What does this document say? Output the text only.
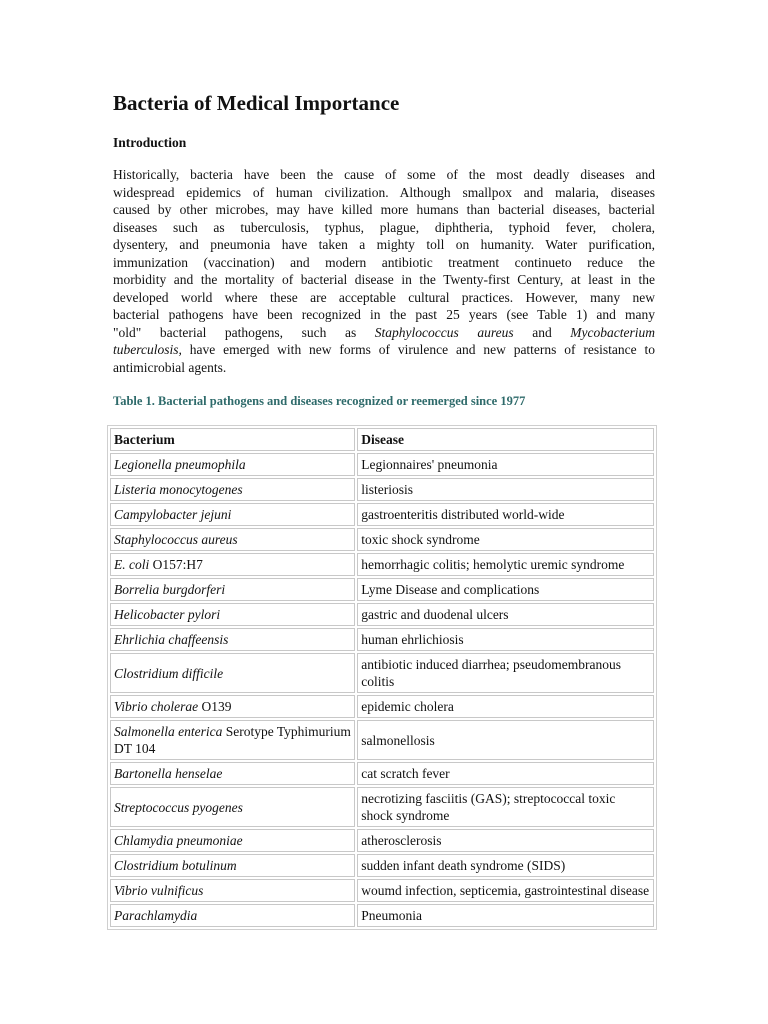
Bacteria of Medical Importance
Introduction
Historically, bacteria have been the cause of some of the most deadly diseases and
widespread epidemics of human civilization. Although smallpox and malaria, diseases
caused by other microbes, may have killed more humans than bacterial diseases, bacterial
diseases such as tuberculosis, typhus, plague, diphtheria, typhoid fever, cholera,
dysentery, and pneumonia have taken a mighty toll on humanity. Water purification,
immunization (vaccination) and modern antibiotic treatment continueto reduce the
morbidity and the mortality of bacterial disease in the Twenty-first Century, at least in the
developed world where these are acceptable cultural practices. However, many new
bacterial pathogens have been recognized in the past 25 years (see Table 1) and many
"old" bacterial pathogens, such as Staphylococcus aureus and Mycobacterium
tuberculosis, have emerged with new forms of virulence and new patterns of resistance to
antimicrobial agents.
Table 1. Bacterial pathogens and diseases recognized or reemerged since 1977
Bacterium	Disease
Legionella pneumophila	Legionnaires' pneumonia
Listeria monocytogenes	listeriosis
Campylobacter jejuni	gastroenteritis distributed world-wide
Staphylococcus aureus	toxic shock syndrome
E. coli O157:H7	hemorrhagic colitis; hemolytic uremic syndrome
Borrelia burgdorferi	Lyme Disease and complications
Helicobacter pylori	gastric and duodenal ulcers
Ehrlichia chaffeensis	human ehrlichiosis
Clostridium difficile	antibiotic induced diarrhea; pseudomembranous colitis
Vibrio cholerae O139	epidemic cholera
Salmonella enterica Serotype Typhimurium DT 104	salmonellosis
Bartonella henselae	cat scratch fever
Streptococcus pyogenes	necrotizing fasciitis (GAS); streptococcal toxic shock syndrome
Chlamydia pneumoniae	atherosclerosis
Clostridium botulinum	sudden infant death syndrome (SIDS)
Vibrio vulnificus	woumd infection, septicemia, gastrointestinal disease
Parachlamydia	Pneumonia
